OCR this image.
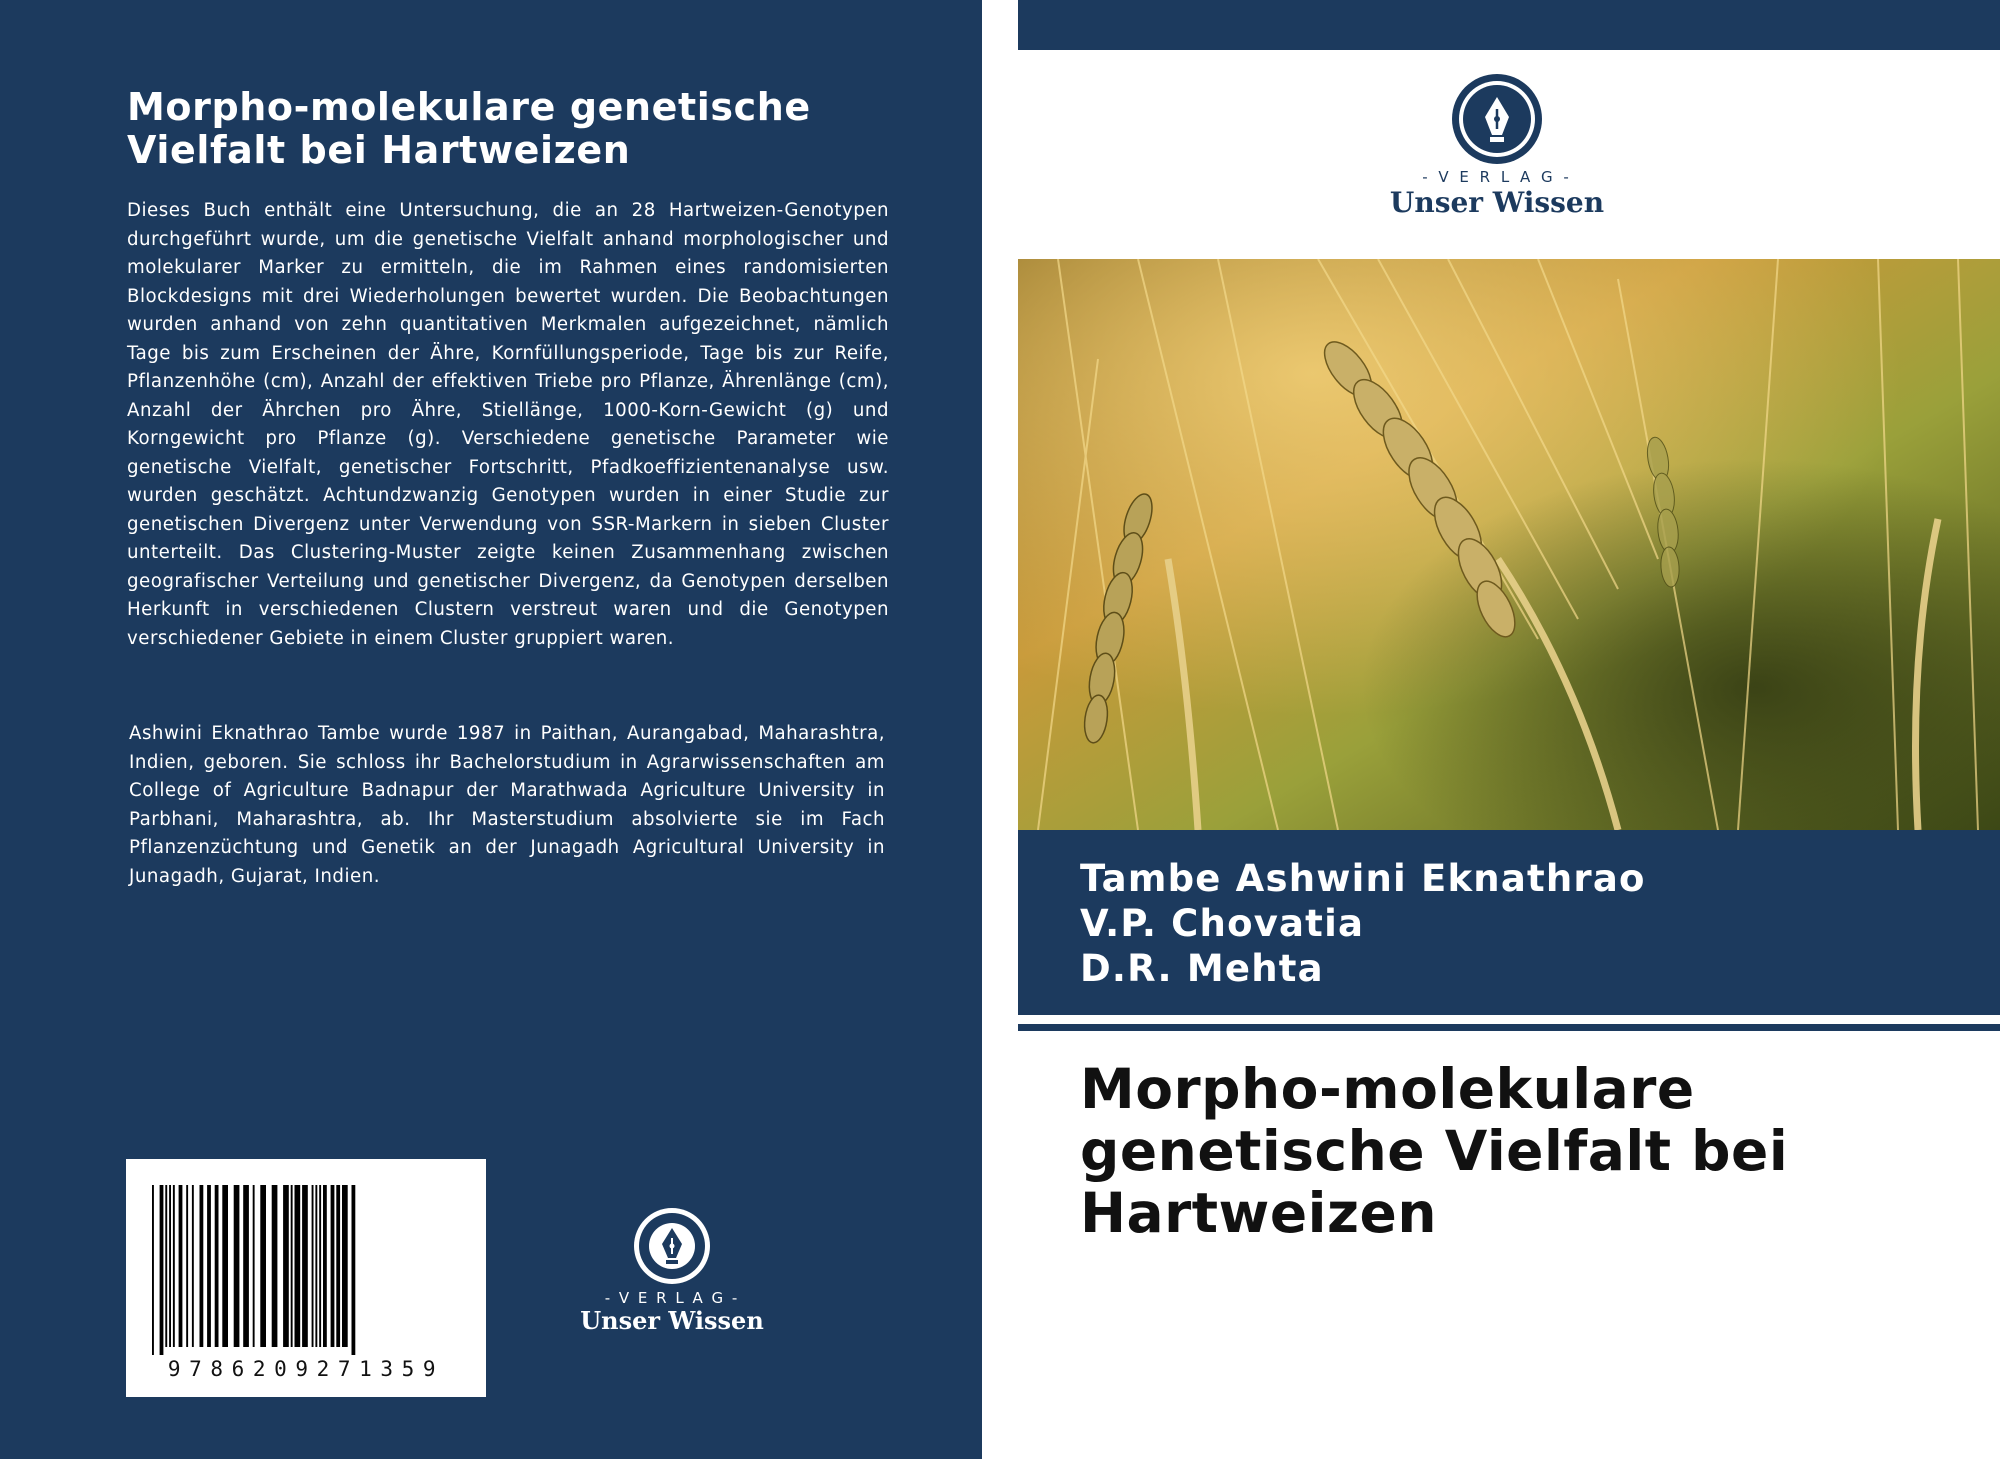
Morpho-molekulare genetische Vielfalt bei Hartweizen
Dieses Buch enthält eine Untersuchung, die an 28 Hartweizen-Genotypen durchgeführt wurde, um die genetische Vielfalt anhand morphologischer und molekularer Marker zu ermitteln, die im Rahmen eines randomisierten Blockdesigns mit drei Wiederholungen bewertet wurden. Die Beobachtungen wurden anhand von zehn quantitativen Merkmalen aufgezeichnet, nämlich Tage bis zum Erscheinen der Ähre, Kornfüllungsperiode, Tage bis zur Reife, Pflanzenhöhe (cm), Anzahl der effektiven Triebe pro Pflanze, Ährenlänge (cm), Anzahl der Ährchen pro Ähre, Stiellänge, 1000-Korn-Gewicht (g) und Korngewicht pro Pflanze (g). Verschiedene genetische Parameter wie genetische Vielfalt, genetischer Fortschritt, Pfadkoeffizientenanalyse usw. wurden geschätzt. Achtundzwanzig Genotypen wurden in einer Studie zur genetischen Divergenz unter Verwendung von SSR-Markern in sieben Cluster unterteilt. Das Clustering-Muster zeigte keinen Zusammenhang zwischen geografischer Verteilung und genetischer Divergenz, da Genotypen derselben Herkunft in verschiedenen Clustern verstreut waren und die Genotypen verschiedener Gebiete in einem Cluster gruppiert waren.
Ashwini Eknathrao Tambe wurde 1987 in Paithan, Aurangabad, Maharashtra, Indien, geboren. Sie schloss ihr Bachelorstudium in Agrarwissenschaften am College of Agriculture Badnapur der Marathwada Agriculture University in Parbhani, Maharashtra, ab. Ihr Masterstudium absolvierte sie im Fach Pflanzenzüchtung und Genetik an der Junagadh Agricultural University in Junagadh, Gujarat, Indien.
9786209271359
- V E R L A G -
Unser Wissen
- V E R L A G -
Unser Wissen
Tambe Ashwini Eknathrao
V.P. Chovatia
D.R. Mehta
Morpho-molekulare genetische Vielfalt bei Hartweizen
